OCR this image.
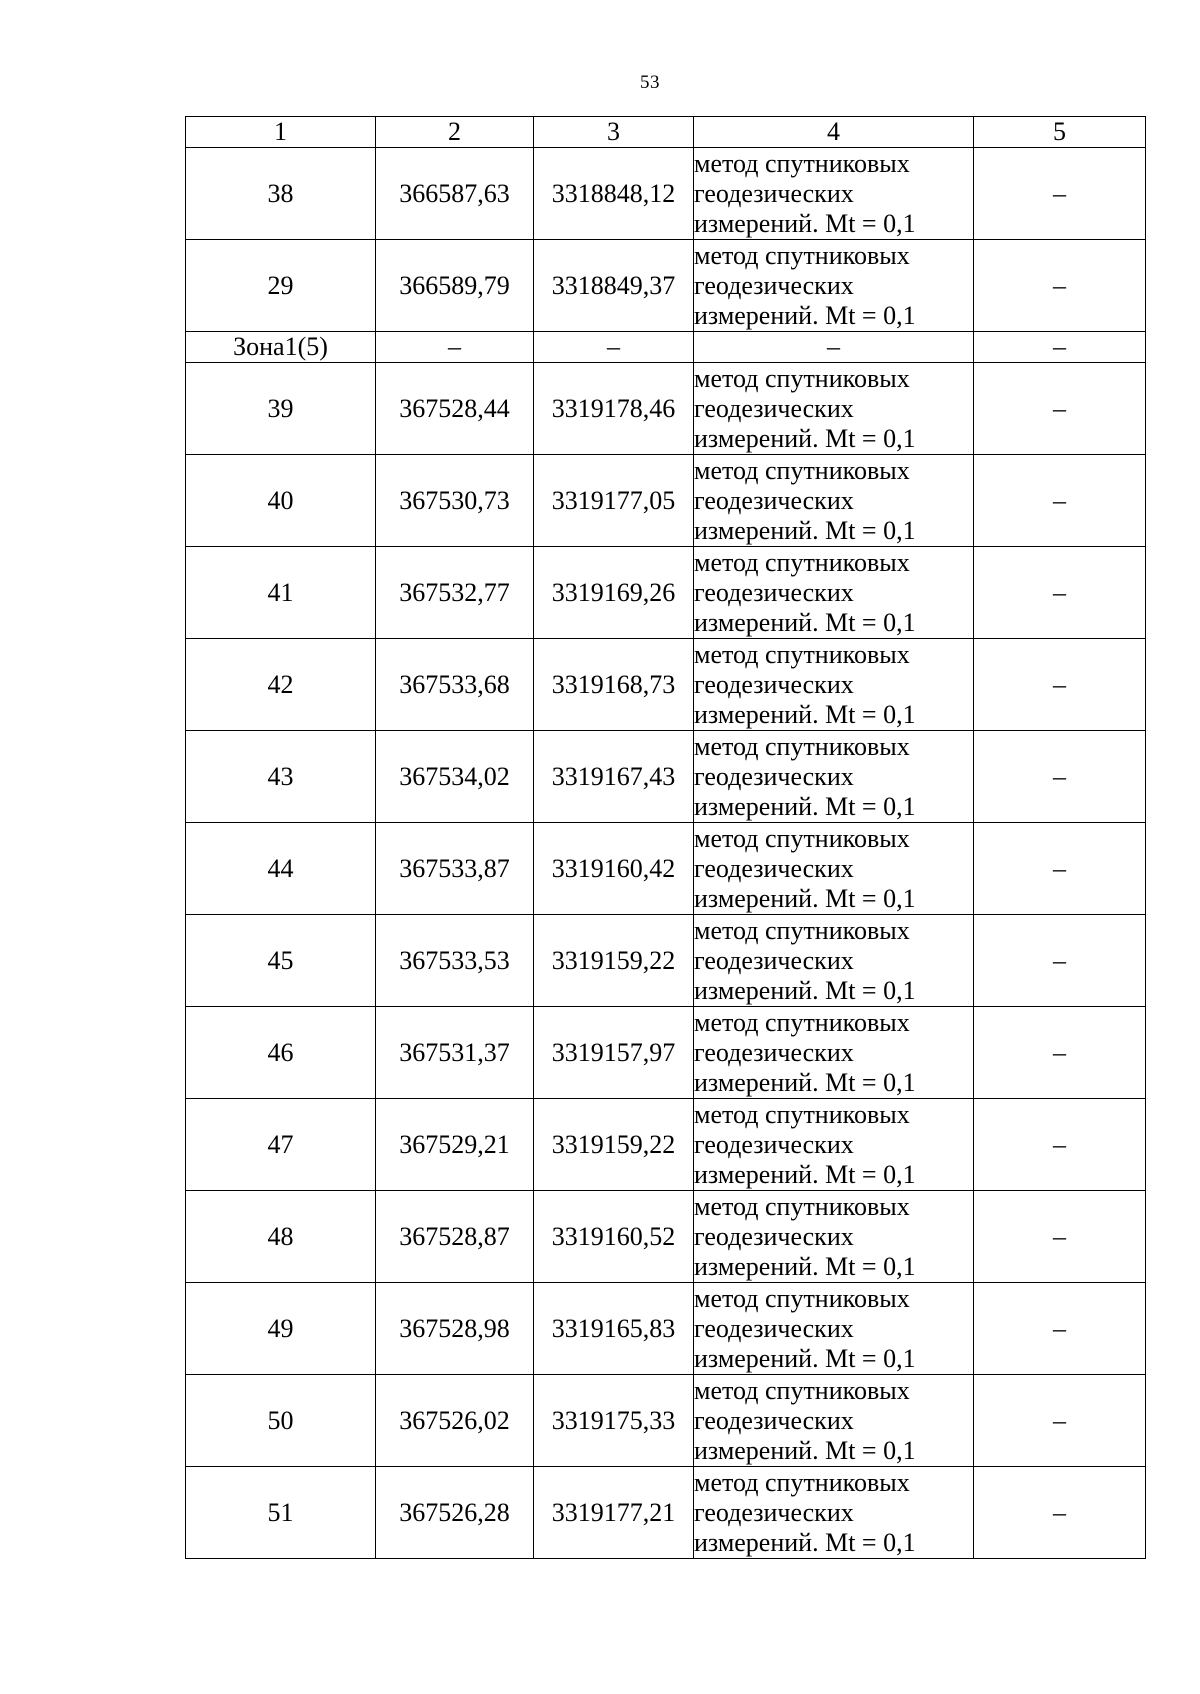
53
1	2	3	4	5
38	366587,63	3318848,12	метод спутниковых
геодезических
измерений. Mt = 0,1	–
29	366589,79	3318849,37	метод спутниковых
геодезических
измерений. Mt = 0,1	–
Зона1(5)	–	–	–	–
39	367528,44	3319178,46	метод спутниковых
геодезических
измерений. Mt = 0,1	–
40	367530,73	3319177,05	метод спутниковых
геодезических
измерений. Mt = 0,1	–
41	367532,77	3319169,26	метод спутниковых
геодезических
измерений. Mt = 0,1	–
42	367533,68	3319168,73	метод спутниковых
геодезических
измерений. Mt = 0,1	–
43	367534,02	3319167,43	метод спутниковых
геодезических
измерений. Mt = 0,1	–
44	367533,87	3319160,42	метод спутниковых
геодезических
измерений. Mt = 0,1	–
45	367533,53	3319159,22	метод спутниковых
геодезических
измерений. Mt = 0,1	–
46	367531,37	3319157,97	метод спутниковых
геодезических
измерений. Mt = 0,1	–
47	367529,21	3319159,22	метод спутниковых
геодезических
измерений. Mt = 0,1	–
48	367528,87	3319160,52	метод спутниковых
геодезических
измерений. Mt = 0,1	–
49	367528,98	3319165,83	метод спутниковых
геодезических
измерений. Mt = 0,1	–
50	367526,02	3319175,33	метод спутниковых
геодезических
измерений. Mt = 0,1	–
51	367526,28	3319177,21	метод спутниковых
геодезических
измерений. Mt = 0,1	–
